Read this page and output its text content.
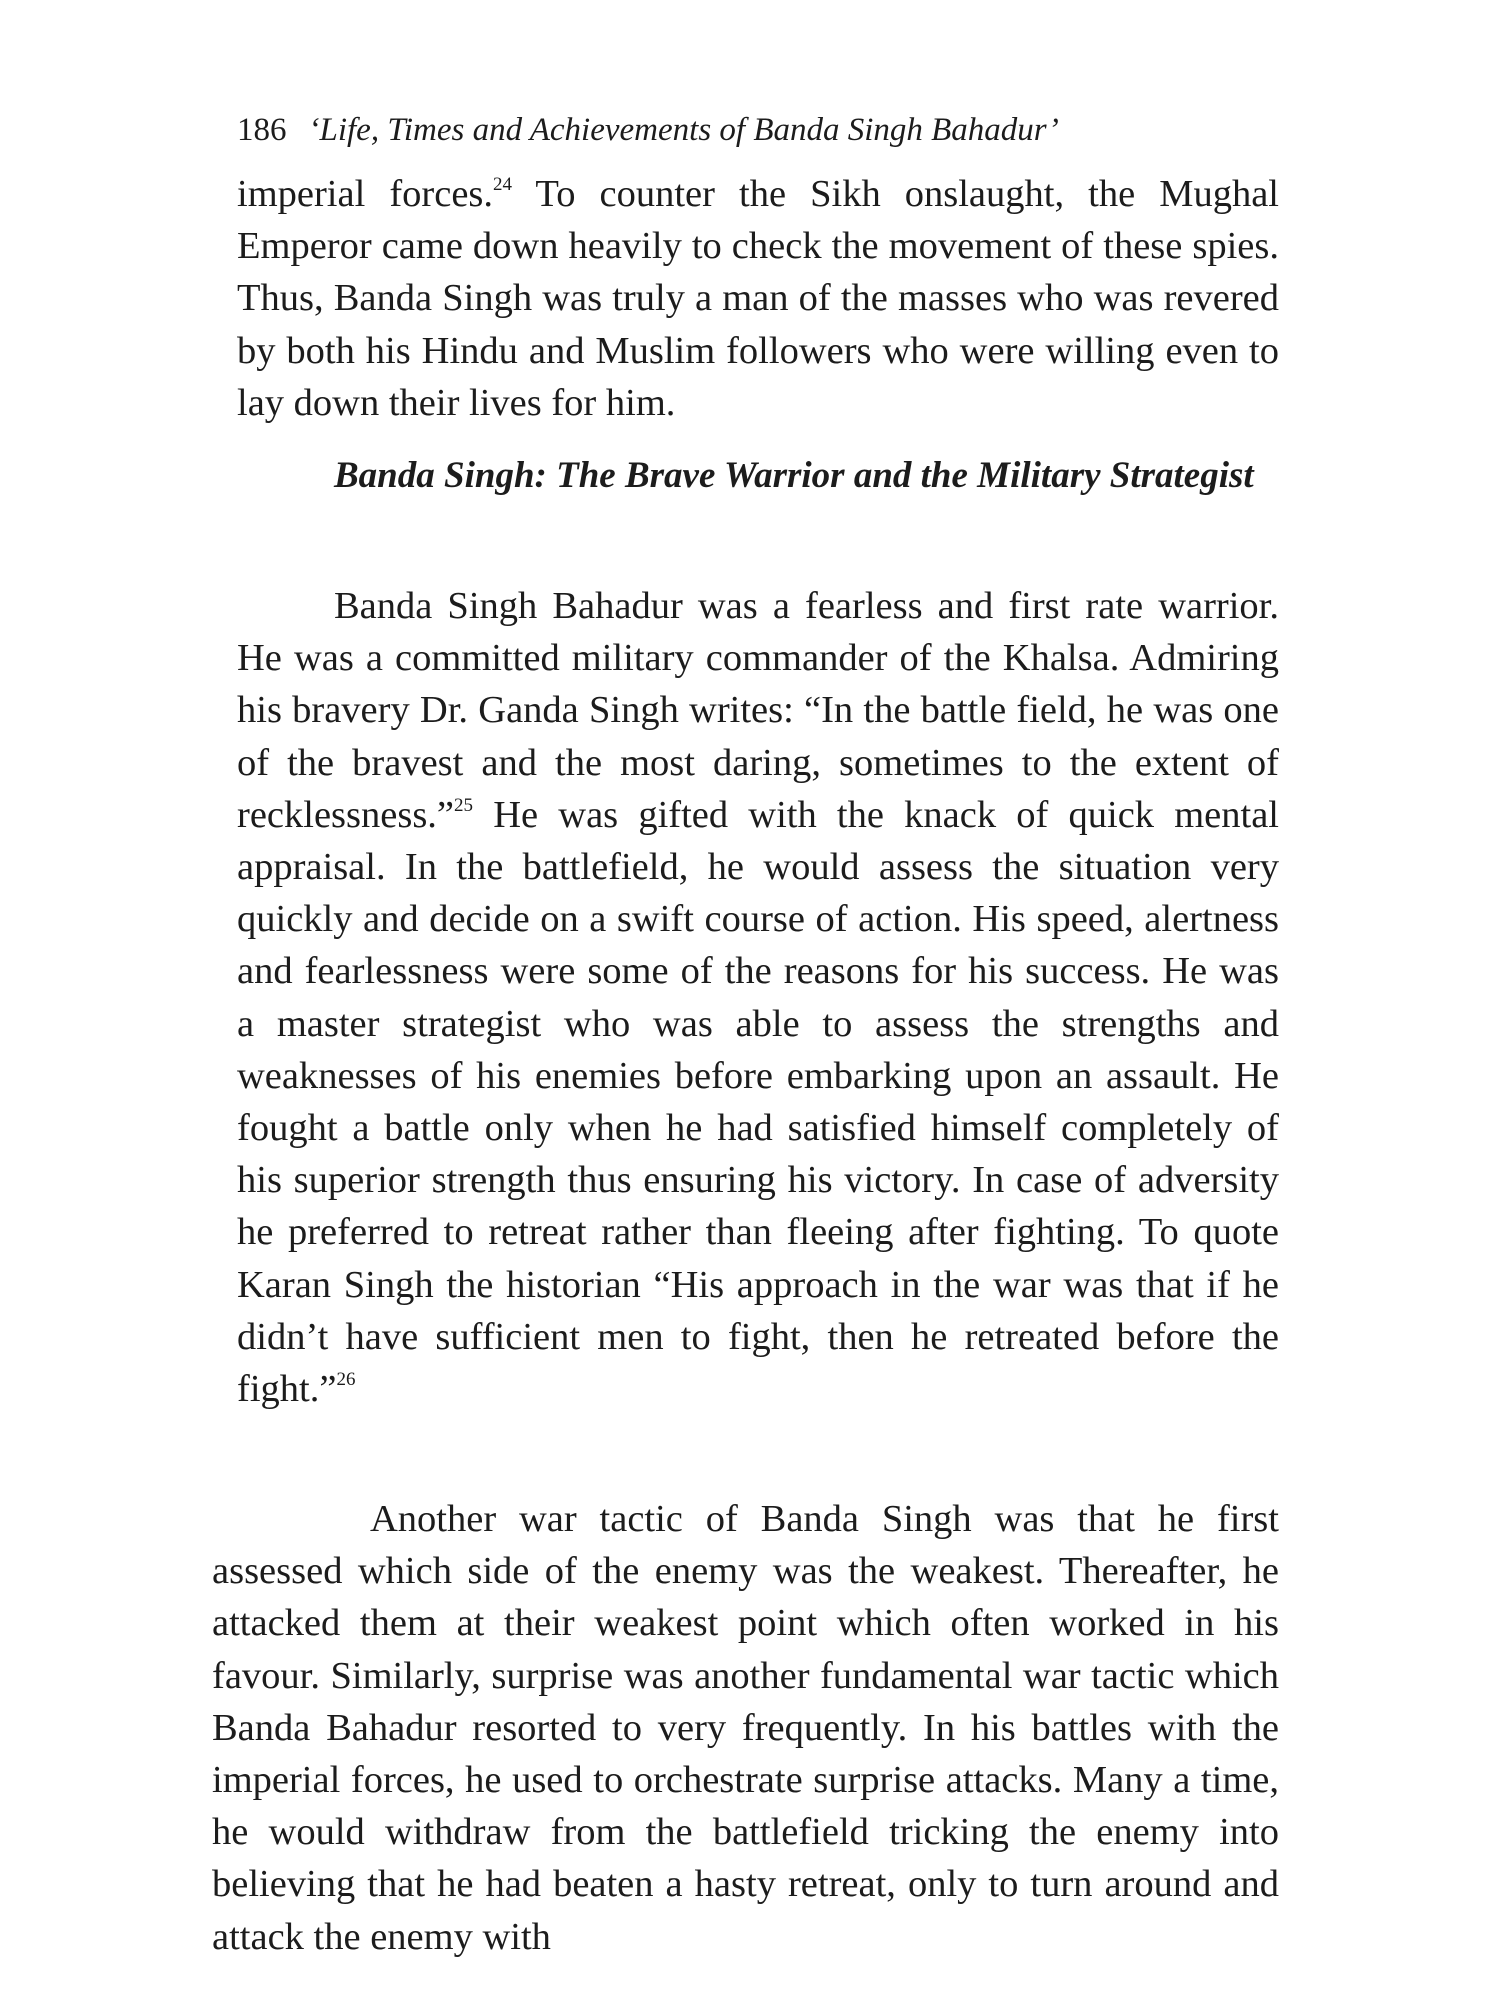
186 ‘Life, Times and Achievements of Banda Singh Bahadur’
imperial forces.$^{24}$ To counter the Sikh onslaught, the Mughal Emperor came down heavily to check the movement of these spies. Thus, Banda Singh was truly a man of the masses who was revered by both his Hindu and Muslim followers who were willing even to lay down their lives for him.
Banda Singh: The Brave Warrior and the Military Strategist
Banda Singh Bahadur was a fearless and first rate warrior. He was a committed military commander of the Khalsa. Admiring his bravery Dr. Ganda Singh writes: “In the battle field, he was one of the bravest and the most daring, sometimes to the extent of recklessness.”$^{25}$ He was gifted with the knack of quick mental appraisal. In the battlefield, he would assess the situation very quickly and decide on a swift course of action. His speed, alertness and fearlessness were some of the reasons for his success. He was a master strategist who was able to assess the strengths and weaknesses of his enemies before embarking upon an assault. He fought a battle only when he had satisfied himself completely of his superior strength thus ensuring his victory. In case of adversity he preferred to retreat rather than fleeing after fighting. To quote Karan Singh the historian “His approach in the war was that if he didn’t have sufficient men to fight, then he retreated before the fight.”$^{26}$
Another war tactic of Banda Singh was that he first assessed which side of the enemy was the weakest. Thereafter, he attacked them at their weakest point which often worked in his favour. Similarly, surprise was another fundamental war tactic which Banda Bahadur resorted to very frequently. In his battles with the imperial forces, he used to orchestrate surprise attacks. Many a time, he would withdraw from the battlefield tricking the enemy into believing that he had beaten a hasty retreat, only to turn around and attack the enemy with
